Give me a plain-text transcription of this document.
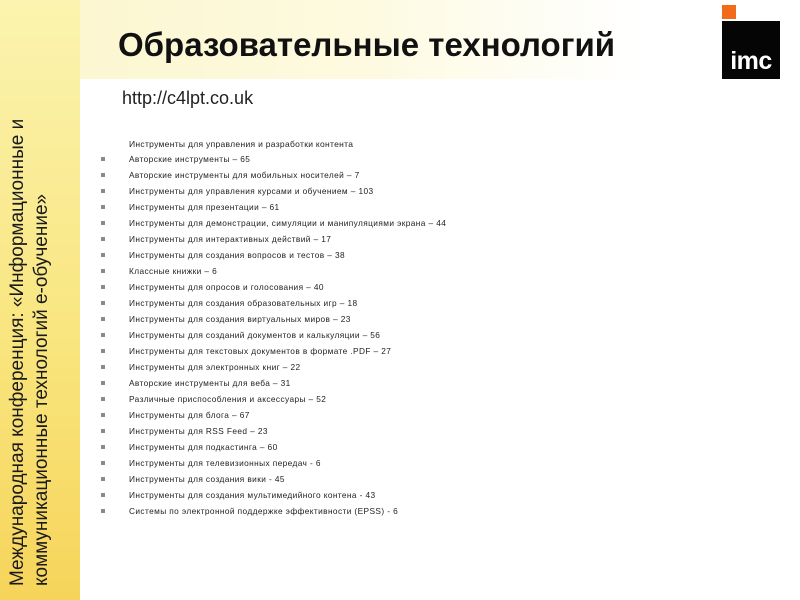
Международная конференция: «Информационные и коммуникационные технологий е-обучение»
Образовательные технологий	imc
http://c4lpt.co.uk
Инструменты для управления и разработки контента
Авторские инструменты – 65
Авторские инструменты для мобильных носителей – 7
Инструменты для управления курсами и обучением – 103
Инструменты для презентации – 61
Инструменты для демонстрации, симуляции и манипуляциями экрана – 44
Инструменты для интерактивных действий – 17
Инструменты для создания вопросов и тестов – 38
Классные книжки – 6
Инструменты для опросов и голосования – 40
Инструменты для создания образовательных игр – 18
Инструменты для создания виртуальных миров – 23
Инструменты для созданий документов и калькуляции – 56
Инструменты для текстовых документов в формате .PDF – 27
Инструменты для электронных книг – 22
Авторские инструменты для веба – 31
Различные приспособления и аксессуары – 52
Инструменты для блога – 67
Инструменты для RSS Feed – 23
Инструменты для подкастинга – 60
Инструменты для телевизионных передач - 6
Инструменты для создания вики - 45
Инструменты для создания мультимедийного контена - 43
Системы по электронной поддержке эффективности (EPSS) - 6
